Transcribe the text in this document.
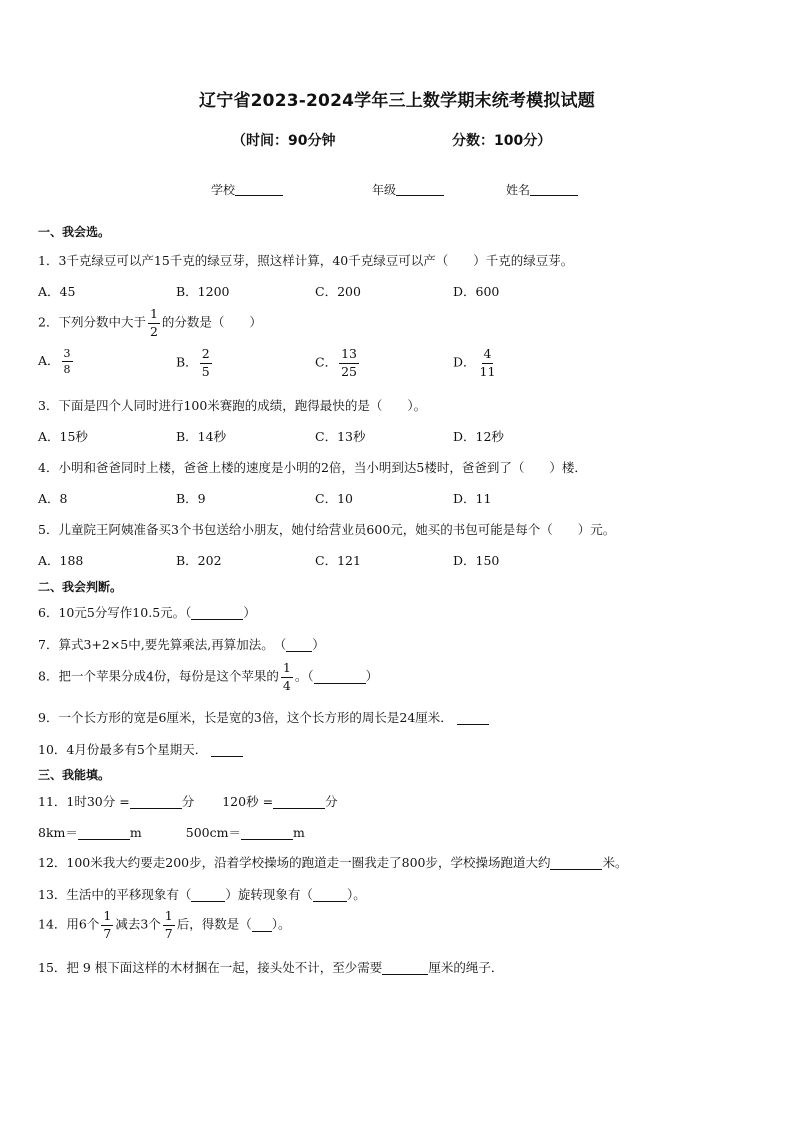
辽宁省2023-2024学年三上数学期末统考模拟试题
（时间：90分钟	分数：100分）
学校	年级	姓名
一、我会选。
1．3千克绿豆可以产15千克的绿豆芽，照这样计算，40千克绿豆可以产（　　）千克的绿豆芽。
A．45	B．1200	C．200	D．600
2．下列分数中大于 $\frac{1}{2}$ 的分数是（　　）
A． $\frac{3}{8}$	B． $\frac{2}{5}$	C． $\frac{13}{25}$	D． $\frac{4}{11}$
3．下面是四个人同时进行100米赛跑的成绩，跑得最快的是（　　）。
A．15秒	B．14秒	C．13秒	D．12秒
4．小明和爸爸同时上楼，爸爸上楼的速度是小明的2倍，当小明到达5楼时，爸爸到了（　　）楼．
A．8	B．9	C．10	D．11
5．儿童院王阿姨准备买3个书包送给小朋友，她付给营业员600元，她买的书包可能是每个（　　）元。
A．188	B．202	C．121	D．150
二、我会判断。
6．10元5分写作10.5元。（	）
7．算式3+2×5中,要先算乘法,再算加法。　（ ）
8．把一个苹果分成4份，每份是这个苹果的 $\frac{1}{4}$ 。（	）
9．一个长方形的宽是6厘米，长是宽的3倍，这个长方形的周长是24厘米．
10．4月份最多有5个星期天．
三、我能填。
11．1时30分 =	分 120秒 =	分
8km＝	m	500cm＝	m
12．100米我大约要走200步，沿着学校操场的跑道走一圈我走了800步，学校操场跑道大约	米。
13．生活中的平移现象有（	）旋转现象有（	）。
14．用6个 $\frac{1}{7}$ 减去3个 $\frac{1}{7}$ 后，得数是（ ）。
15．把 9 根下面这样的木材捆在一起，接头处不计，至少需要	厘米的绳子．
